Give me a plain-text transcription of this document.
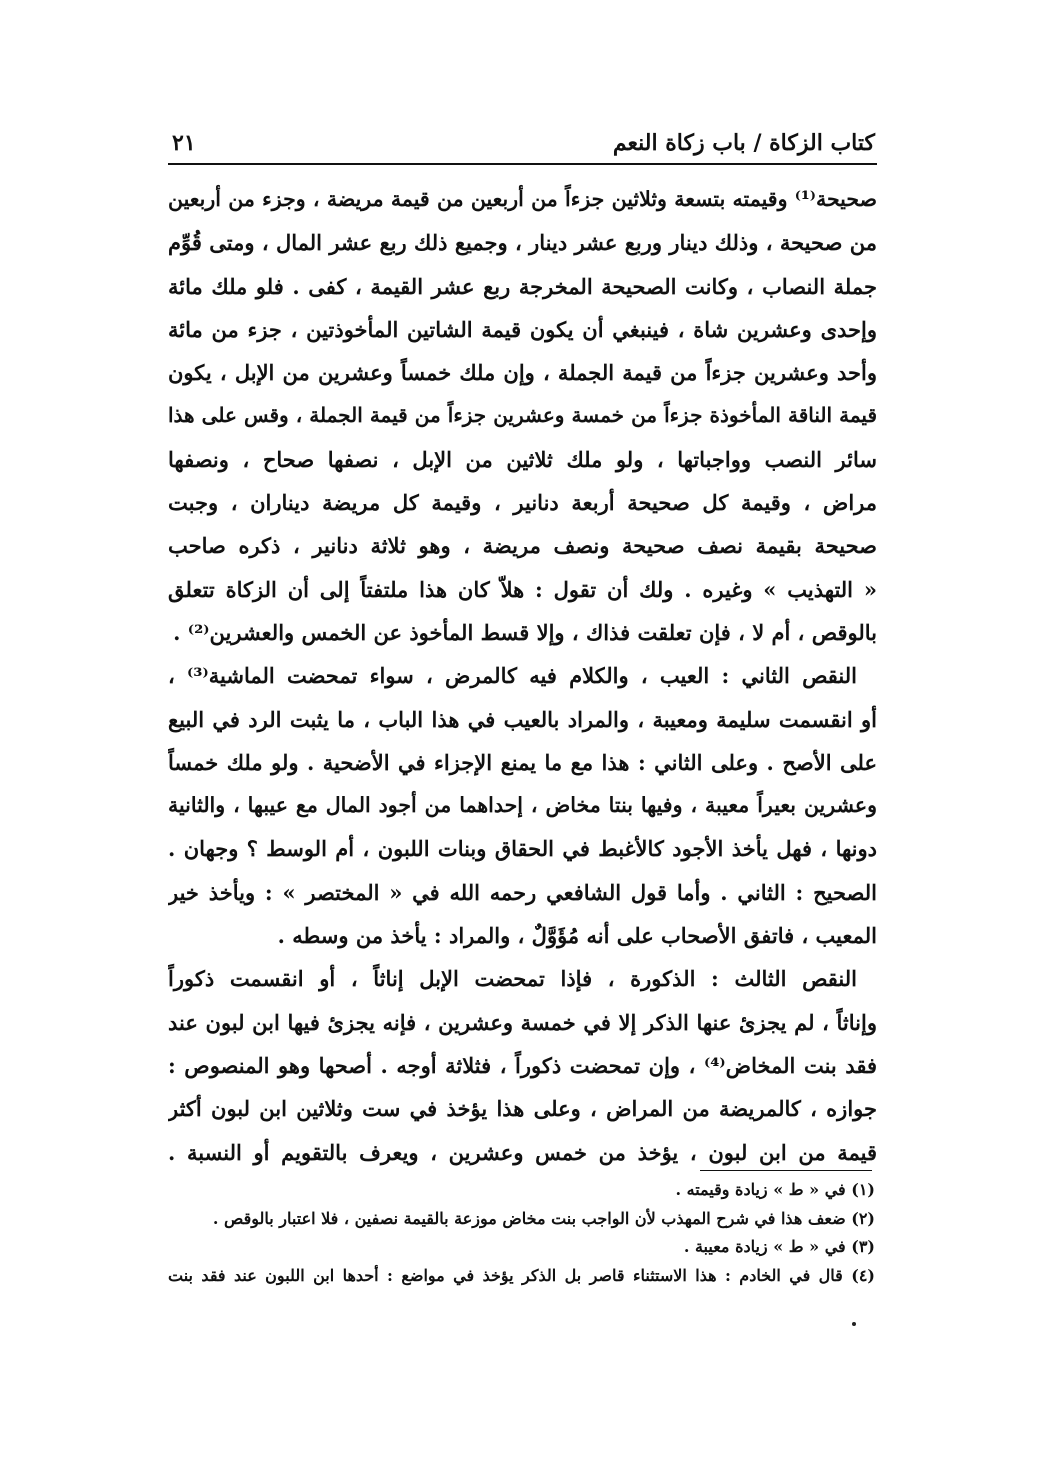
كتاب الزكاة / باب زكاة النعم
٢١
صحيحة⁽¹⁾ وقيمته بتسعة وثلاثين جزءاً من أربعين من قيمة مريضة ، وجزء من أربعين
من صحيحة ، وذلك دينار وربع عشر دينار ، وجميع ذلك ربع عشر المال ، ومتى قُوِّم
جملة النصاب ، وكانت الصحيحة المخرجة ربع عشر القيمة ، كفى . فلو ملك مائة
وإحدى وعشرين شاة ، فينبغي أن يكون قيمة الشاتين المأخوذتين ، جزء من مائة
وأحد وعشرين جزءاً من قيمة الجملة ، وإن ملك خمساً وعشرين من الإبل ، يكون
قيمة الناقة المأخوذة جزءاً من خمسة وعشرين جزءاً من قيمة الجملة ، وقس على هذا
سائر النصب وواجباتها ، ولو ملك ثلاثين من الإبل ، نصفها صحاح ، ونصفها
مراض ، وقيمة كل صحيحة أربعة دنانير ، وقيمة كل مريضة ديناران ، وجبت
صحيحة بقيمة نصف صحيحة ونصف مريضة ، وهو ثلاثة دنانير ، ذكره صاحب
« التهذيب » وغيره . ولك أن تقول : هلاّ كان هذا ملتفتاً إلى أن الزكاة تتعلق
بالوقص ، أم لا ، فإن تعلقت فذاك ، وإلا قسط المأخوذ عن الخمس والعشرين⁽²⁾ .
النقص الثاني : العيب ، والكلام فيه كالمرض ، سواء تمحضت الماشية⁽³⁾ ،
أو انقسمت سليمة ومعيبة ، والمراد بالعيب في هذا الباب ، ما يثبت الرد في البيع
على الأصح . وعلى الثاني : هذا مع ما يمنع الإجزاء في الأضحية . ولو ملك خمساً
وعشرين بعيراً معيبة ، وفيها بنتا مخاض ، إحداهما من أجود المال مع عيبها ، والثانية
دونها ، فهل يأخذ الأجود كالأغبط في الحقاق وبنات اللبون ، أم الوسط ؟ وجهان .
الصحيح : الثاني . وأما قول الشافعي رحمه الله في « المختصر » : ويأخذ خير
المعيب ، فاتفق الأصحاب على أنه مُؤَوَّلٌ ، والمراد : يأخذ من وسطه .
النقص الثالث : الذكورة ، فإذا تمحضت الإبل إناثاً ، أو انقسمت ذكوراً
وإناثاً ، لم يجزئ عنها الذكر إلا في خمسة وعشرين ، فإنه يجزئ فيها ابن لبون عند
فقد بنت المخاض⁽⁴⁾ ، وإن تمحضت ذكوراً ، فثلاثة أوجه . أصحها وهو المنصوص :
جوازه ، كالمريضة من المراض ، وعلى هذا يؤخذ في ست وثلاثين ابن لبون أكثر
قيمة من ابن لبون ، يؤخذ من خمس وعشرين ، ويعرف بالتقويم أو النسبة .
(١) في « ط » زيادة وقيمته .
(٢) ضعف هذا في شرح المهذب لأن الواجب بنت مخاض موزعة بالقيمة نصفين ، فلا اعتبار بالوقص .
(٣) في « ط » زيادة معيبة .
(٤) قال في الخادم : هذا الاستثناء قاصر بل الذكر يؤخذ في مواضع : أحدها ابن اللبون عند فقد بنت
